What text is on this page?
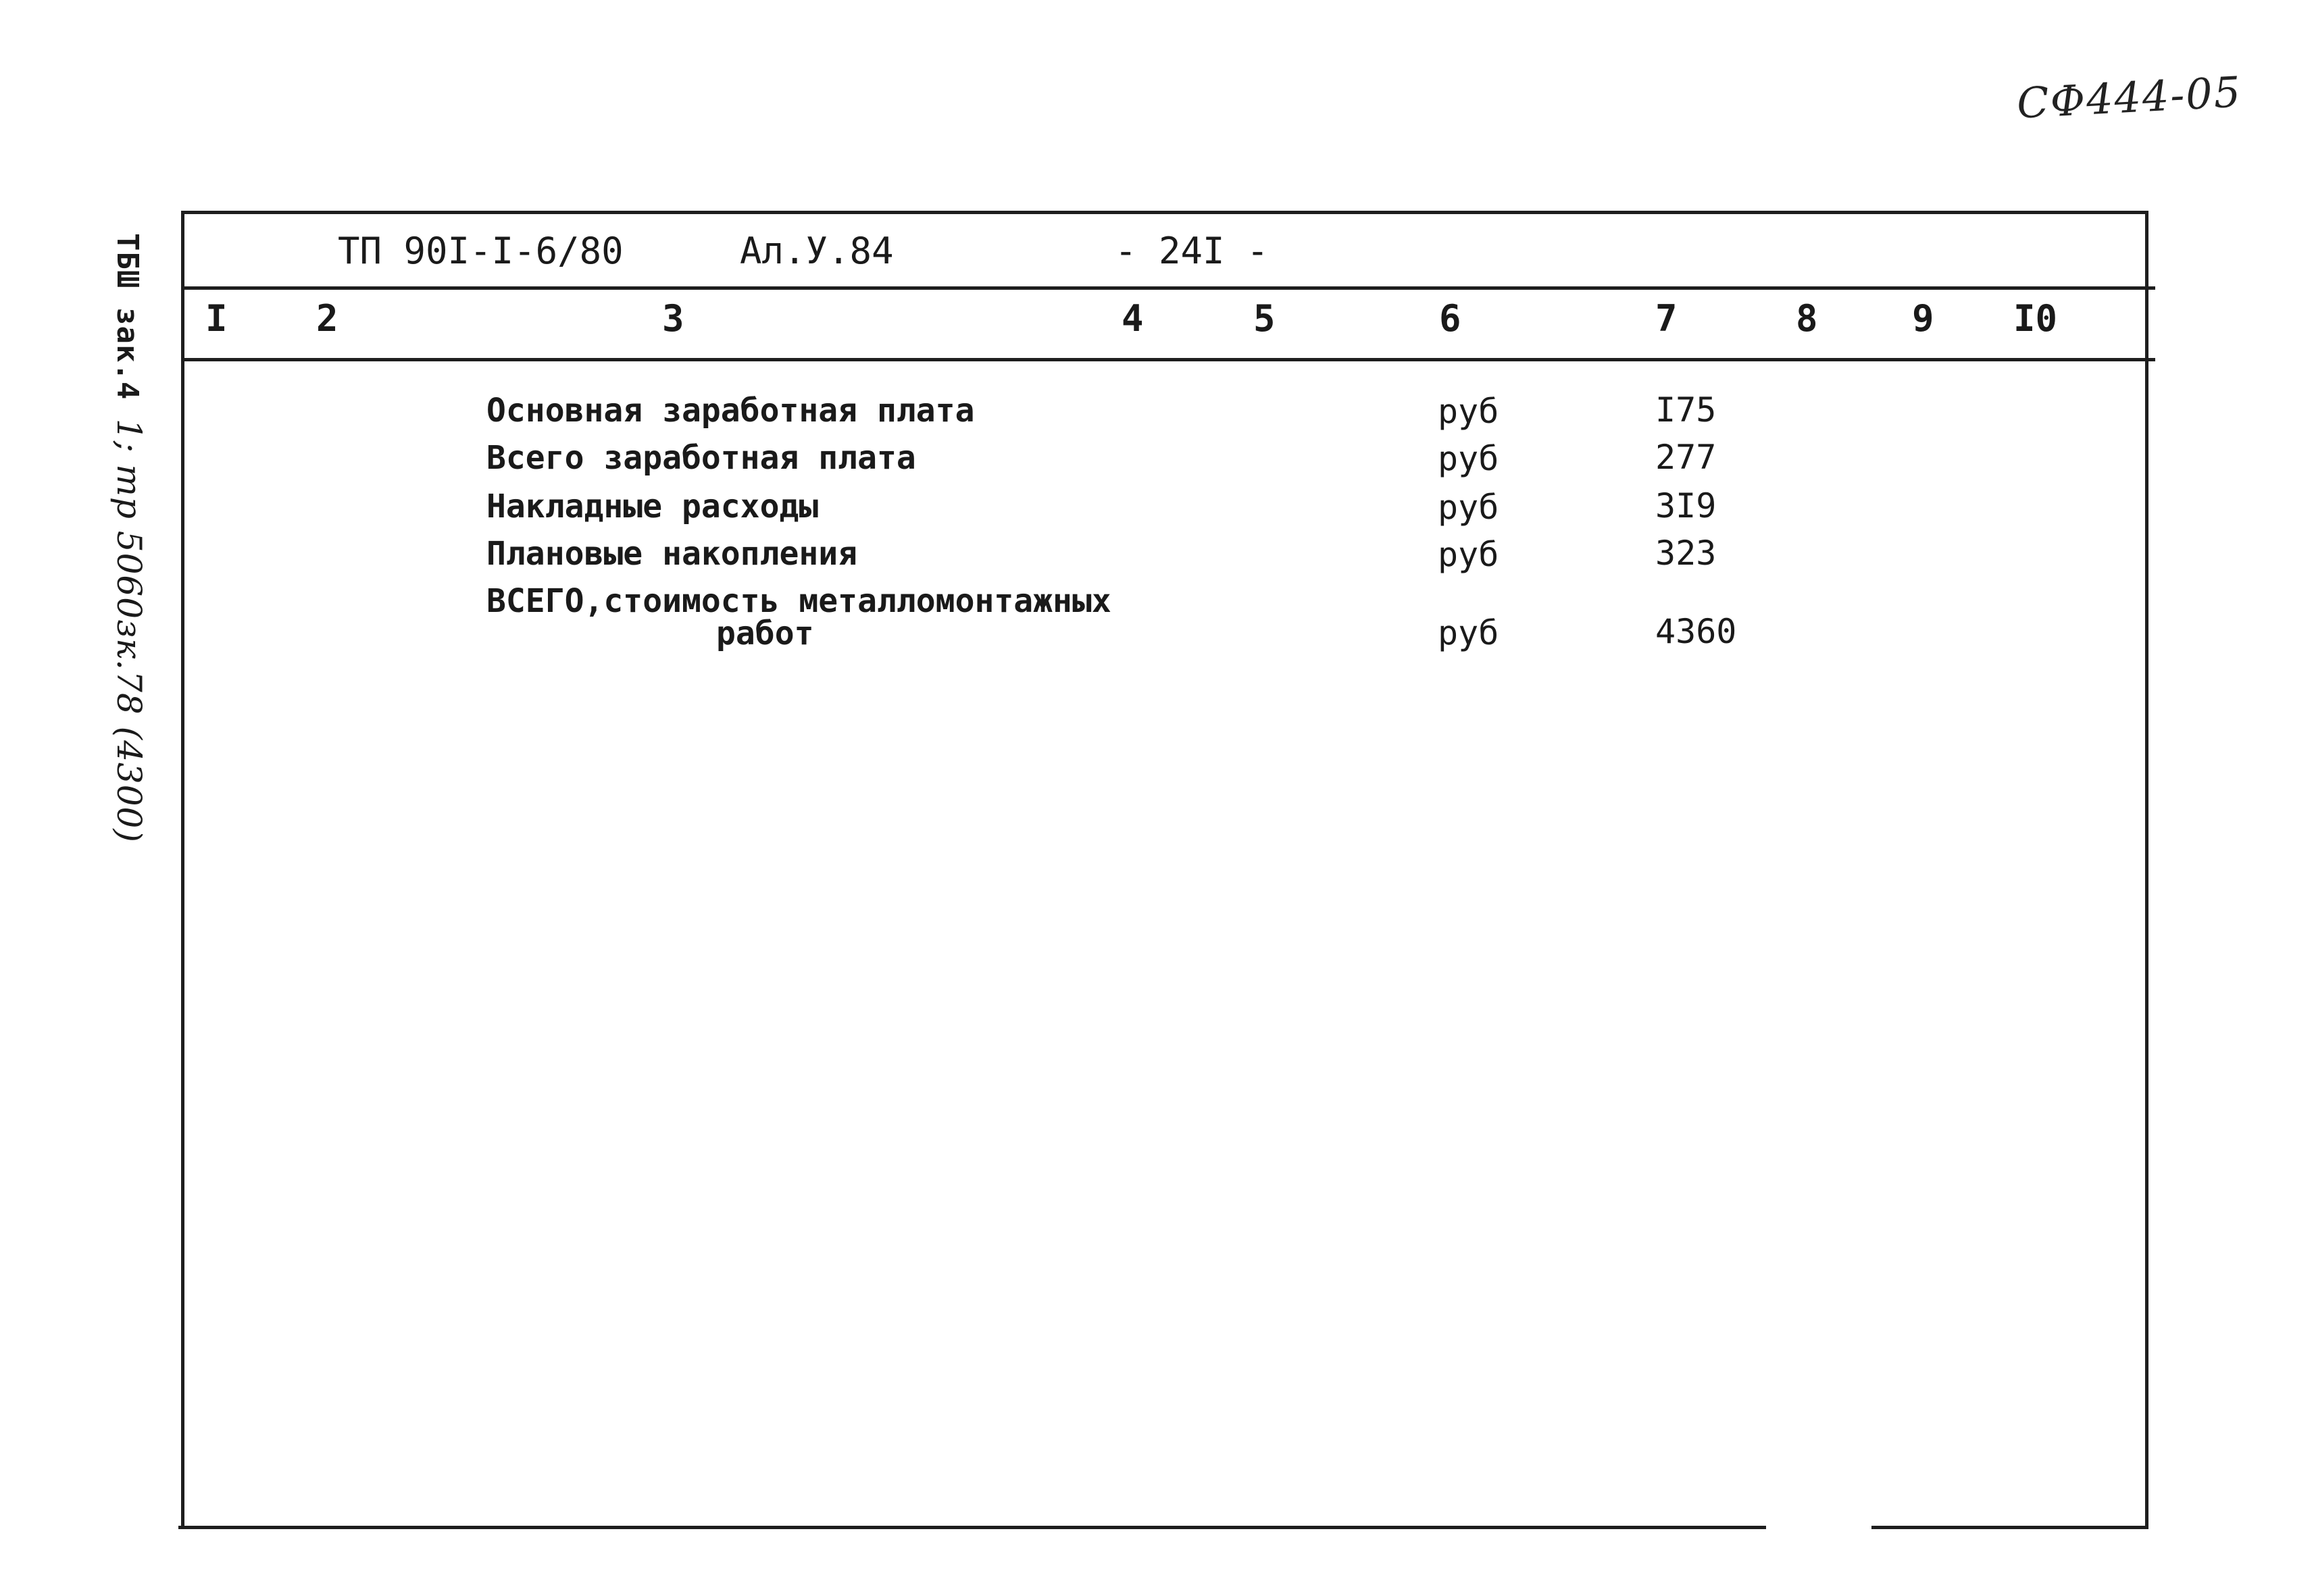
СФ444-05
ТБШ зак.4 1; тр 5060зк.78 (4300)
ТП 90I-I-6/80	Ал.У.84	- 24I -
I 2	3	4	5	6	7	8	9 I0
Основная заработная плата	руб	I75
Всего заработная плата	руб	277
Накладные расходы	руб	3I9
Плановые накопления	руб	323
ВСЕГО,стоимость металломонтажных
работ	руб	4360
